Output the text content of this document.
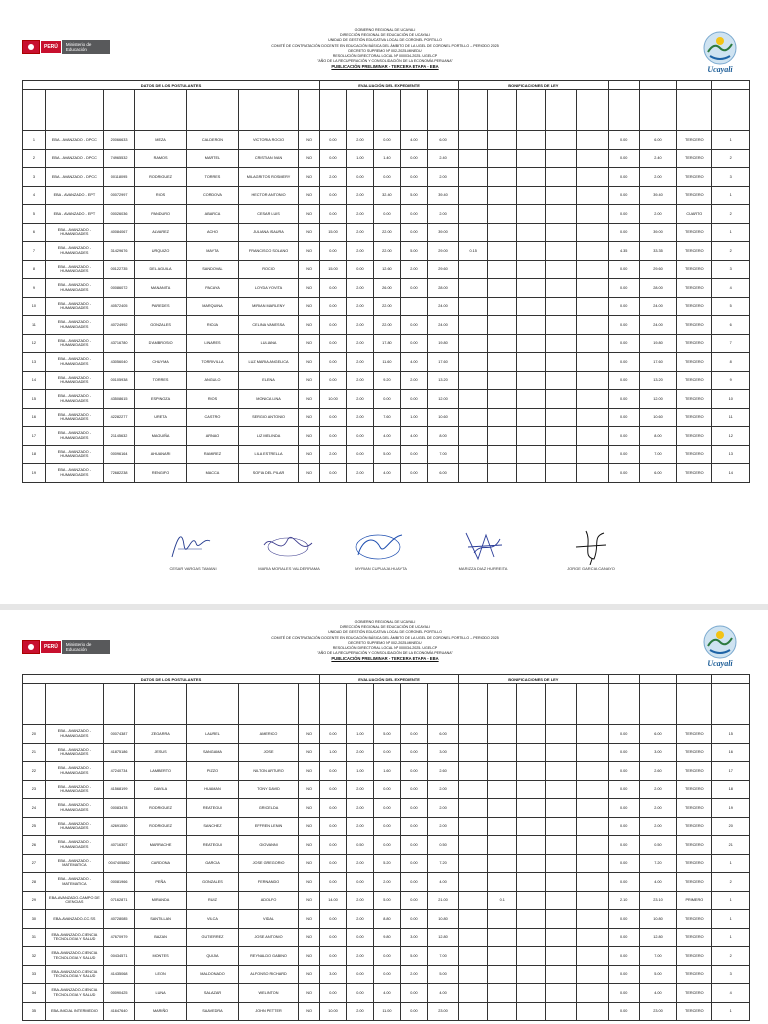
PERÚ	Ministerio de Educación
GOBIERNO REGIONAL DE UCAYALI
DIRECCIÓN REGIONAL DE EDUCACIÓN DE UCAYALI
UNIDAD DE GESTIÓN EDUCATIVA LOCAL DE CORONEL PORTILLO
COMITÉ DE CONTRATACIÓN DOCENTE EN EDUCACIÓN BÁSICA DEL ÁMBITO DE LA UGEL DE CORONEL PORTILLO – PERIODO 2025
DECRETO SUPREMO Nº 002-2025-MINEDU
RESOLUCIÓN DIRECTORAL LOCAL Nº 000034-2025- UGELCP
"AÑO DE LA RECUPERACIÓN Y CONSOLIDACIÓN DE LA ECONOMÍA PERUANA"
PUBLICACIÓN PRELIMINAR - TERCERA ETAPA - EBA	Ucayali
DATOS DE LOS POSTULANTES							EVALUACIÓN DEL EXPEDIENTE					BONIFICACIONES DE LEY								

1	EBA - AVANZADO - DPCC	20066633	MEZA	CALDERON	VICTORIA ROCIO	NO	0.00	2.00	0.00	4.00	6.00						0.00	6.00	TERCERO	1
2	EBA - AVANZADO - DPCC	74965532	RAMOS	MARTEL	CRISTIAN IVAN	NO	0.00	1.00	1.40	0.00	2.40						0.00	2.40	TERCERO	2
3	EBA - AVANZADO - DPCC	00118095	RODRIGUEZ	TORRES	MILAGRITOS ROSMERY	NO	2.00	0.00	0.00	0.00	2.00						0.00	2.00	TERCERO	3
4	EBA - AVANZADO - EPT	00072997	RIOS	CORDOVA	HECTOR ANTONIO	NO	0.00	2.00	32.40	5.00	39.40						0.00	39.40	TERCERO	1
5	EBA - AVANZADO - EPT	00026036	PANDURO	ABARCA	CESAR LUIS	NO	0.00	2.00	0.00	0.00	2.00						0.00	2.00	CUARTO	2
6	EBA - AVANZADO - HUMANIDADES	40084067	ALVAREZ	ACHO	JULIANA ISAURA	NO	15.00	2.00	22.00	0.00	39.00						0.00	39.00	TERCERO	1
7	EBA - AVANZADO - HUMANIDADES	31429676	URQUIZO	MAYTA	FRANCISCO SOLANO	NO	0.00	2.00	22.00	5.00	29.00	0.15					4.35	33.35	TERCERO	2
8	EBA - AVANZADO - HUMANIDADES	00122735	DEL AGUILA	SANDOVAL	ROCIO	NO	15.00	0.00	12.60	2.00	29.60						0.00	29.60	TERCERO	3
9	EBA - AVANZADO - HUMANIDADES	00086072	MANANITA	PACAYA	LOYDA YOVITA	NO	0.00	2.00	26.00	0.00	28.00						0.00	28.00	TERCERO	4
10	EBA - AVANZADO - HUMANIDADES	40572405	PAREDES	MARQUINA	MIRIAN MARLENY	NO	0.00	2.00	22.00		24.00						0.00	24.00	TERCERO	5
11	EBA - AVANZADO - HUMANIDADES	40724992	GONZALES	RIOJA	CELINA VANESSA	NO	0.00	2.00	22.00	0.00	24.00						0.00	24.00	TERCERO	6
12	EBA - AVANZADO - HUMANIDADES	43716780	D'AMBROSIO	LINARES	LULIANA	NO	0.00	2.00	17.80	0.00	19.80						0.00	19.80	TERCERO	7
13	EBA - AVANZADO - HUMANIDADES	43056040	CHUYMA	TORRIVILLA	LUZ MARIA ANGELICA	NO	0.00	2.00	11.60	4.00	17.60						0.00	17.60	TERCERO	8
14	EBA - AVANZADO - HUMANIDADES	00105938	TORRES	ANGULO	ELENA	NO	0.00	2.00	9.20	2.00	13.20						0.00	13.20	TERCERO	9
15	EBA - AVANZADO - HUMANIDADES	43508615	ESPINOZA	RIOS	MONICA LINA	NO	10.00	2.00	0.00	0.00	12.00						0.00	12.00	TERCERO	10
16	EBA - AVANZADO - HUMANIDADES	42282277	URETA	CASTRO	SERGIO ANTONIO	NO	0.00	2.00	7.60	1.00	10.60						0.00	10.60	TERCERO	11
17	EBA - AVANZADO - HUMANIDADES	21145632	MAGUIÑA	ARNAO	LIZ MELINDA	NO	0.00	0.00	4.00	4.00	8.00						0.00	8.00	TERCERO	12
18	EBA - AVANZADO - HUMANIDADES	00096164	AHUANARI	RAMIREZ	LILA ESTRELLA	NO	2.00	0.00	5.00	0.00	7.00						0.00	7.00	TERCERO	13
19	EBA - AVANZADO - HUMANIDADES	72682238	RENGIFO	MACCA	SOFIA DEL PILAR	NO	0.00	2.00	4.00	0.00	6.00						0.00	6.00	TERCERO	14
CESAR VARGAS TAMANI	MARIA MORALES VALDERRAMA	MYRIAN CUPUAJA HUAYTA	MARIZZA DIAZ HURREITA	JORGE GARCIA CANAYO
PERÚ	Ministerio de Educación
GOBIERNO REGIONAL DE UCAYALI
DIRECCIÓN REGIONAL DE EDUCACIÓN DE UCAYALI
UNIDAD DE GESTIÓN EDUCATIVA LOCAL DE CORONEL PORTILLO
COMITÉ DE CONTRATACIÓN DOCENTE EN EDUCACIÓN BÁSICA DEL ÁMBITO DE LA UGEL DE CORONEL PORTILLO – PERIODO 2025
DECRETO SUPREMO Nº 002-2025-MINEDU
RESOLUCIÓN DIRECTORAL LOCAL Nº 000034-2025- UGELCP
"AÑO DE LA RECUPERACIÓN Y CONSOLIDACIÓN DE LA ECONOMÍA PERUANA"
PUBLICACIÓN PRELIMINAR - TERCERA ETAPA - EBA
Ucayali
DATOS DE LOS POSTULANTES							EVALUACIÓN DEL EXPEDIENTE					BONIFICACIONES DE LEY								

20	EBA - AVANZADO - HUMANIDADES	00074387	ZEGARRA	LAUREL	AMERICO	NO	0.00	1.00	5.00	0.00	6.00						0.00	6.00	TERCERO	15
21	EBA - AVANZADO - HUMANIDADES	41875186	JESUS	SANGAMA	JOSE	NO	1.00	2.00	0.00	0.00	3.00						0.00	3.00	TERCERO	16
22	EBA - AVANZADO - HUMANIDADES	47240734	LAMBERTO	PIZZO	NILTON ARTURO	NO	0.00	1.00	1.60	0.00	2.60						0.00	2.60	TERCERO	17
23	EBA - AVANZADO - HUMANIDADES	41568199	DAVILA	HUAMAN	TONY DAVID	NO	0.00	2.00	0.00	0.00	2.00						0.00	2.00	TERCERO	18
24	EBA - AVANZADO - HUMANIDADES	00083478	RODRIGUEZ	REATEGUI	GRICELDA	NO	0.00	2.00	0.00	0.00	2.00						0.00	2.00	TERCERO	19
25	EBA - AVANZADO - HUMANIDADES	42691550	RODRIGUEZ	SANCHEZ	EFFREN LENIN	NO	0.00	2.00	0.00	0.00	2.00						0.00	2.00	TERCERO	20
26	EBA - AVANZADO - HUMANIDADES	40716307	MARRACHE	REATEGUI	GIOVANNI	NO	0.00	0.50	0.00	0.00	0.50						0.00	0.50	TERCERO	21
27	EBA - AVANZADO - MATEMATICA	0047405862	CARDONA	GARCIA	JOSE GREGORIO	NO	0.00	2.00	5.20	0.00	7.20						0.00	7.20	TERCERO	1
28	EBA - AVANZADO - MATEMATICA	00081966	PEÑA	GONZALES	FERNANDO	NO	0.00	0.00	2.00	0.00	4.00						0.00	4.00	TERCERO	2
29	EBA-AVANZADO-CAMPO DE CIENCIAS	07162871	MIRANDA	RUIZ	ADOLFO	NO	14.00	2.00	5.00	0.00	21.00		0.1				2.10	23.10	PRIMERO	1
30	EBA-AVANZADO-CC.SS	40728085	SANTILLAN	VILCA	VIDAL	NO	0.00	2.00	8.80	0.00	10.80						0.00	10.80	TERCERO	1
31	EBA-AVANZADO-CIENCIA TECNOLOGIA Y SALUD	47670979	BAZAN	GUTIERREZ	JOSE ANTONIO	NO	0.00	0.00	9.80	3.00	12.80						0.00	12.80	TERCERO	1
32	EBA-AVANZADO-CIENCIA TECNOLOGIA Y SALUD	00434571	MONTES	QUIJIA	REYNALDO GABINO	NO	0.00	2.00	0.00	5.00	7.00						0.00	7.00	TERCERO	2
33	EBA-AVANZADO-CIENCIA TECNOLOGIA Y SALUD	41435068	LEON	MALDONADO	ALFONSO RICHARD	NO	3.00	0.00	0.00	2.00	5.00						0.00	5.00	TERCERO	3
34	EBA-AVANZADO-CIENCIA TECNOLOGIA Y SALUD	00090425	LUNA	SALAZAR	WELINTON	NO	0.00	0.00	4.00	0.00	4.00						0.00	4.00	TERCERO	4
35	EBA-INICIAL INTERMEDIO	41647640	MARIÑO	SAAVEDRA	JOHN PETTER	NO	10.00	2.00	11.00	0.00	23.00						0.00	23.00	TERCERO	1
